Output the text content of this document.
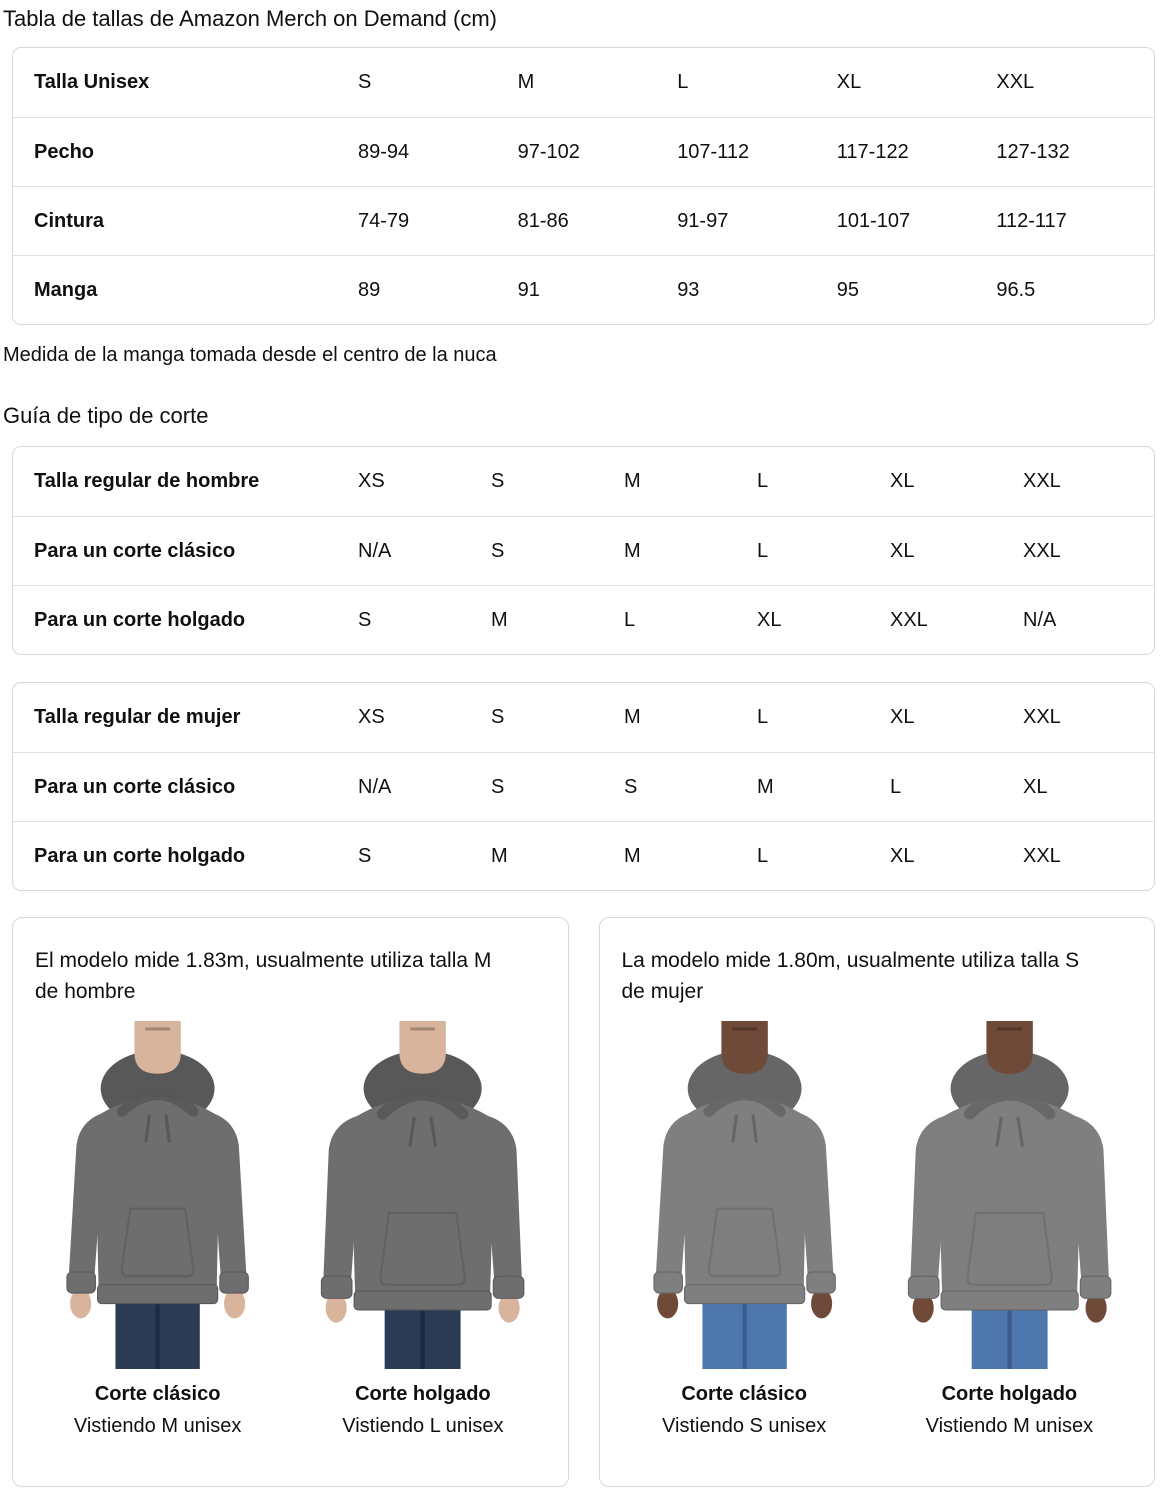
Tabla de tallas de Amazon Merch on Demand (cm)
Talla Unisex	S	M	L	XL	XXL
Pecho	89-94	97-102	107-112	117-122	127-132
Cintura	74-79	81-86	91-97	101-107	112-117
Manga	89	91	93	95	96.5

Medida de la manga tomada desde el centro de la nuca

Guía de tipo de corte
Talla regular de hombre	XS	S	M	L	XL	XXL
Para un corte clásico	N/A	S	M	L	XL	XXL
Para un corte holgado	S	M	L	XL	XXL	N/A
Talla regular de mujer	XS	S	M	L	XL	XXL
Para un corte clásico	N/A	S	S	M	L	XL
Para un corte holgado	S	M	M	L	XL	XXL

El modelo mide 1.83m, usualmente utiliza talla M de hombre

Corte clásico
Vistiendo M unisex
Corte holgado
Vistiendo L unisex

La modelo mide 1.80m, usualmente utiliza talla S de mujer

Corte clásico
Vistiendo S unisex
Corte holgado
Vistiendo M unisex
